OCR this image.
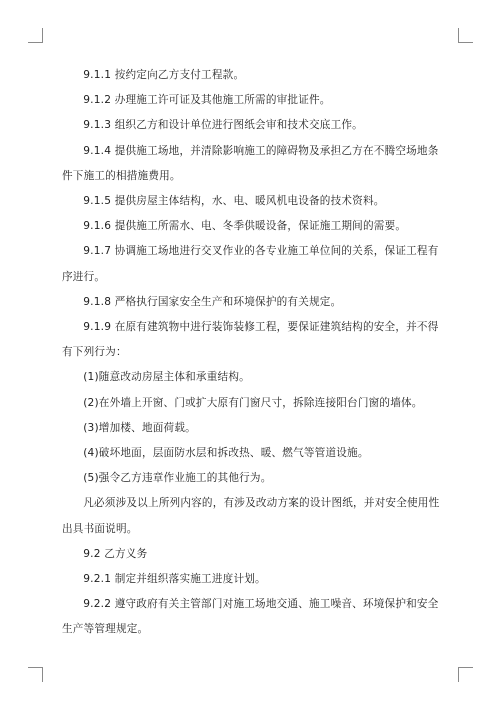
9.1.1 按约定向乙方支付工程款。

9.1.2 办理施工许可证及其他施工所需的审批证件。

9.1.3 组织乙方和设计单位进行图纸会审和技术交底工作。

9.1.4 提供施工场地，并清除影响施工的障碍物及承担乙方在不腾空场地条件下施工的相措施费用。

9.1.5 提供房屋主体结构，水、电、暖风机电设备的技术资料。

9.1.6 提供施工所需水、电、冬季供暖设备，保证施工期间的需要。

9.1.7 协调施工场地进行交叉作业的各专业施工单位间的关系，保证工程有序进行。

9.1.8 严格执行国家安全生产和环境保护的有关规定。

9.1.9 在原有建筑物中进行装饰装修工程，要保证建筑结构的安全，并不得有下列行为：

(1)随意改动房屋主体和承重结构。

(2)在外墙上开窗、门或扩大原有门窗尺寸，拆除连接阳台门窗的墙体。

(3)增加楼、地面荷载。

(4)破坏地面，层面防水层和拆改热、暖、燃气等管道设施。

(5)强令乙方违章作业施工的其他行为。

凡必须涉及以上所列内容的，有涉及改动方案的设计图纸，并对安全使用性出具书面说明。

9.2 乙方义务

9.2.1 制定并组织落实施工进度计划。

9.2.2 遵守政府有关主管部门对施工场地交通、施工噪音、环境保护和安全生产等管理规定。
